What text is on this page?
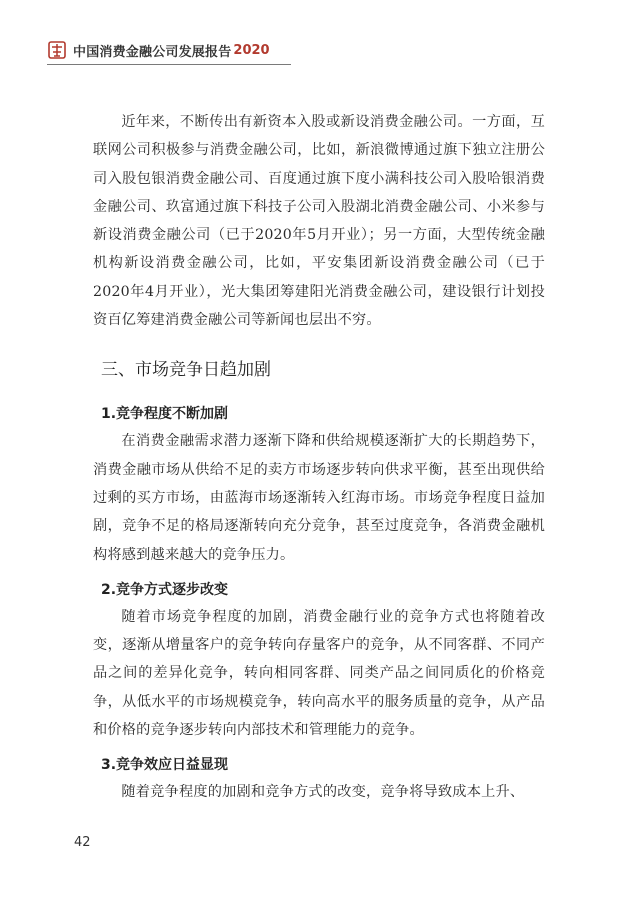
中国消费金融公司发展报告 2020

近年来，不断传出有新资本入股或新设消费金融公司。一方面，互联网公司积极参与消费金融公司，比如，新浪微博通过旗下独立注册公司入股包银消费金融公司、百度通过旗下度小满科技公司入股哈银消费金融公司、玖富通过旗下科技子公司入股湖北消费金融公司、小米参与新设消费金融公司（已于2020年5月开业）；另一方面，大型传统金融机构新设消费金融公司，比如，平安集团新设消费金融公司（已于2020年4月开业），光大集团筹建阳光消费金融公司，建设银行计划投资百亿筹建消费金融公司等新闻也层出不穷。

三、市场竞争日趋加剧
1.竞争程度不断加剧

在消费金融需求潜力逐渐下降和供给规模逐渐扩大的长期趋势下，消费金融市场从供给不足的卖方市场逐步转向供求平衡，甚至出现供给过剩的买方市场，由蓝海市场逐渐转入红海市场。市场竞争程度日益加剧，竞争不足的格局逐渐转向充分竞争，甚至过度竞争，各消费金融机构将感到越来越大的竞争压力。

2.竞争方式逐步改变

随着市场竞争程度的加剧，消费金融行业的竞争方式也将随着改变，逐渐从增量客户的竞争转向存量客户的竞争，从不同客群、不同产品之间的差异化竞争，转向相同客群、同类产品之间同质化的价格竞争，从低水平的市场规模竞争，转向高水平的服务质量的竞争，从产品和价格的竞争逐步转向内部技术和管理能力的竞争。

3.竞争效应日益显现

随着竞争程度的加剧和竞争方式的改变，竞争将导致成本上升、

42
